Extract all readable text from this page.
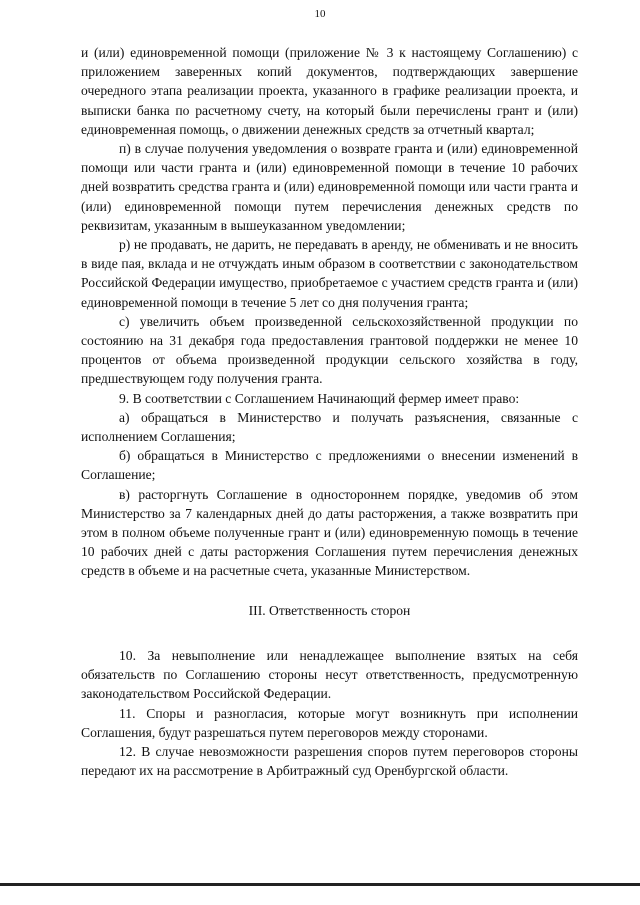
10

и (или) единовременной помощи (приложение № 3 к настоящему Соглашению) с приложением заверенных копий документов, подтверждающих завершение очередного этапа реализации проекта, указанного в графике реализации проекта, и выписки банка по расчетному счету, на который были перечислены грант и (или) единовременная помощь, о движении денежных средств за отчетный квартал;

п) в случае получения уведомления о возврате гранта и (или) единовременной помощи или части гранта и (или) единовременной помощи в течение 10 рабочих дней возвратить средства гранта и (или) единовременной помощи или части гранта и (или) единовременной помощи путем перечисления денежных средств по реквизитам, указанным в вышеуказанном уведомлении;

р) не продавать, не дарить, не передавать в аренду, не обменивать и не вносить в виде пая, вклада и не отчуждать иным образом в соответствии с законодательством Российской Федерации имущество, приобретаемое с участием средств гранта и (или) единовременной помощи в течение 5 лет со дня получения гранта;

с) увеличить объем произведенной сельскохозяйственной продукции по состоянию на 31 декабря года предоставления грантовой поддержки не менее 10 процентов от объема произведенной продукции сельского хозяйства в году, предшествующем году получения гранта.

9. В соответствии с Соглашением Начинающий фермер имеет право:

а) обращаться в Министерство и получать разъяснения, связанные с исполнением Соглашения;

б) обращаться в Министерство с предложениями о внесении изменений в Соглашение;

в) расторгнуть Соглашение в одностороннем порядке, уведомив об этом Министерство за 7 календарных дней до даты расторжения, а также возвратить при этом в полном объеме полученные грант и (или) единовременную помощь в течение 10 рабочих дней с даты расторжения Соглашения путем перечисления денежных средств в объеме и на расчетные счета, указанные Министерством.

III. Ответственность сторон

10. За невыполнение или ненадлежащее выполнение взятых на себя обязательств по Соглашению стороны несут ответственность, предусмотренную законодательством Российской Федерации.

11. Споры и разногласия, которые могут возникнуть при исполнении Соглашения, будут разрешаться путем переговоров между сторонами.

12. В случае невозможности разрешения споров путем переговоров стороны передают их на рассмотрение в Арбитражный суд Оренбургской области.
